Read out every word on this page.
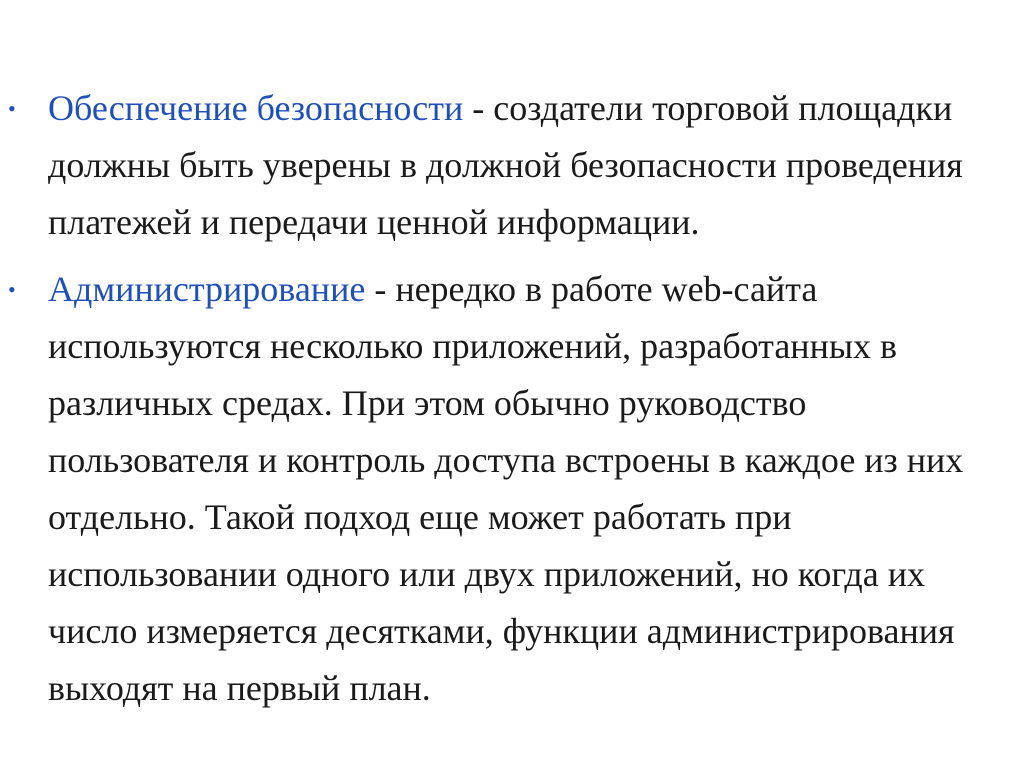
• Обеспечение безопасности - создатели торговой площадки должны быть уверены в должной безопасности проведения платежей и передачи ценной информации.
• Администрирование - нередко в работе web-сайта используются несколько приложений, разработанных в различных средах. При этом обычно руководство пользователя и контроль доступа встроены в каждое из них отдельно. Такой подход еще может работать при использовании одного или двух приложений, но когда их число измеряется десятками, функции администрирования выходят на первый план.
